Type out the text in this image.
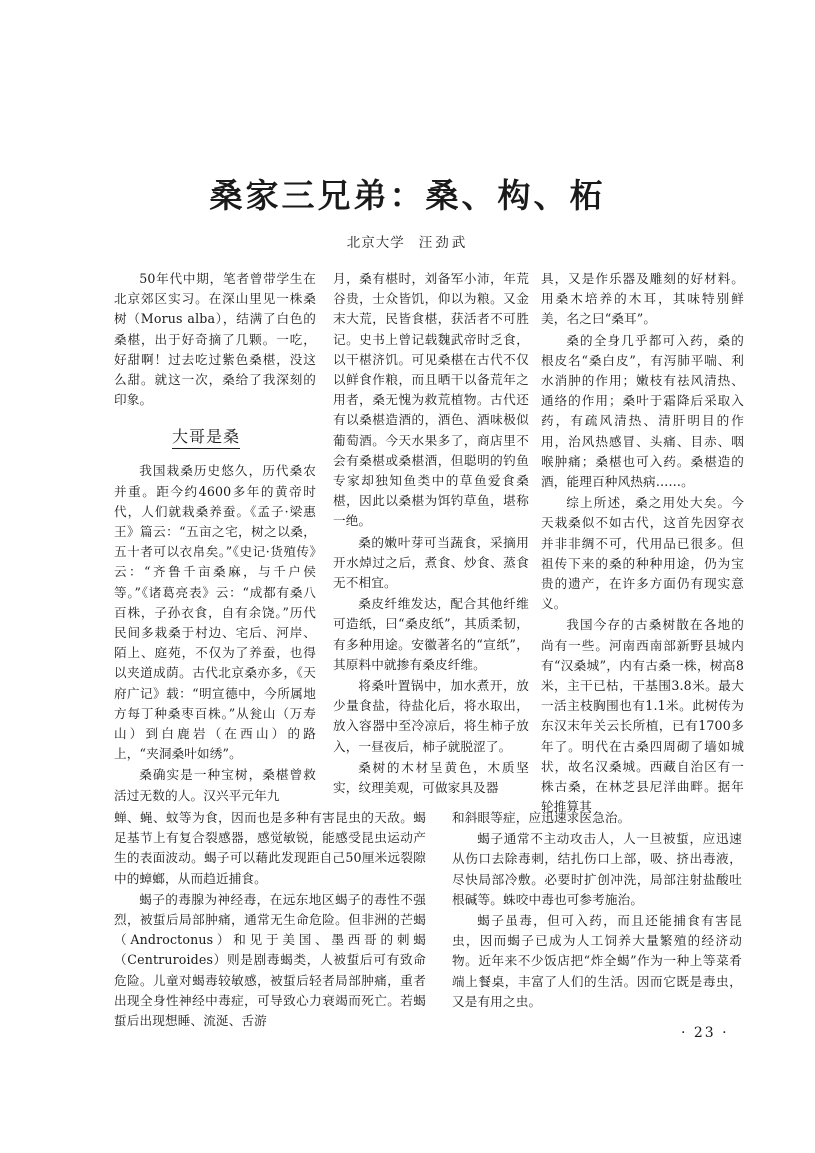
桑家三兄弟：桑、构、柘
北京大学 汪劲武

50年代中期，笔者曾带学生在北京郊区实习。在深山里见一株桑树（Morus alba），结满了白色的桑椹，出于好奇摘了几颗。一吃，好甜啊！过去吃过紫色桑椹，没这么甜。就这一次，桑给了我深刻的印象。

大哥是桑

我国栽桑历史悠久，历代桑农并重。距今约4600多年的黄帝时代，人们就栽桑养蚕。《孟子·梁惠王》篇云：“五亩之宅，树之以桑，五十者可以衣帛矣。”《史记·货殖传》云：“齐鲁千亩桑麻，与千户侯等。”《诸葛亮表》云：“成都有桑八百株，子孙衣食，自有余饶。”历代民间多栽桑于村边、宅后、河岸、陌上、庭苑，不仅为了养蚕，也得以夹道成荫。古代北京桑亦多，《天府广记》载：“明宣德中，今所属地方每丁种桑枣百株。”从瓮山（万寿山）到白鹿岩（在西山）的路上，“夹洞桑叶如绣”。

桑确实是一种宝树，桑椹曾救活过无数的人。汉兴平元年九

月，桑有椹时，刘备军小沛，年荒谷贵，士众皆饥，仰以为粮。又金末大荒，民皆食椹，获活者不可胜记。史书上曾记载魏武帝时乏食，以干椹济饥。可见桑椹在古代不仅以鲜食作粮，而且晒干以备荒年之用者，桑无愧为救荒植物。古代还有以桑椹造酒的，酒色、酒味极似葡萄酒。今天水果多了，商店里不会有桑椹或桑椹酒，但聪明的钓鱼专家却独知鱼类中的草鱼爱食桑椹，因此以桑椹为饵钓草鱼，堪称一绝。

桑的嫩叶芽可当蔬食，采摘用开水焯过之后，煮食、炒食、蒸食无不相宜。

桑皮纤维发达，配合其他纤维可造纸，曰“桑皮纸”，其质柔韧，有多种用途。安徽著名的“宣纸”，其原料中就掺有桑皮纤维。

将桑叶置锅中，加水煮开，放少量食盐，待盐化后，将水取出，放入容器中至冷凉后，将生柿子放入，一昼夜后，柿子就脱涩了。

桑树的木材呈黄色，木质坚实，纹理美观，可做家具及器

具，又是作乐器及雕刻的好材料。用桑木培养的木耳，其味特别鲜美，名之曰“桑耳”。

桑的全身几乎都可入药，桑的根皮名“桑白皮”，有泻肺平喘、利水消肿的作用；嫩枝有祛风清热、通络的作用；桑叶于霜降后采取入药，有疏风清热、清肝明目的作用，治风热感冒、头痛、目赤、咽喉肿痛；桑椹也可入药。桑椹造的酒，能理百种风热病……。

综上所述，桑之用处大矣。今天栽桑似不如古代，这首先因穿衣并非非绸不可，代用品已很多。但祖传下来的桑的种种用途，仍为宝贵的遗产，在许多方面仍有现实意义。

我国今存的古桑树散在各地的尚有一些。河南西南部新野县城内有“汉桑城”，内有古桑一株，树高8米，主干已枯，干基围3.8米。最大一活主枝胸围也有1.1米。此树传为东汉末年关云长所植，已有1700多年了。明代在古桑四周砌了墙如城状，故名汉桑城。西藏自治区有一株古桑，在林芝县尼洋曲畔。据年轮推算其

蝉、蝇、蚊等为食，因而也是多种有害昆虫的天敌。蝎足基节上有复合裂感器，感觉敏锐，能感受昆虫运动产生的表面波动。蝎子可以藉此发现距自己50厘米远裂隙中的蟑螂，从而趋近捕食。

蝎子的毒腺为神经毒，在远东地区蝎子的毒性不强烈，被蜇后局部肿痛，通常无生命危险。但非洲的芒蝎（Androctonus）和见于美国、墨西哥的刺蝎（Centruroides）则是剧毒蝎类，人被蜇后可有致命危险。儿童对蝎毒较敏感，被蜇后轻者局部肿痛，重者出现全身性神经中毒症，可导致心力衰竭而死亡。若蝎蜇后出现想睡、流涎、舌游

和斜眼等症，应迅速求医急治。

蝎子通常不主动攻击人，人一旦被蜇，应迅速从伤口去除毒刺，结扎伤口上部，吸、挤出毒液，尽快局部冷敷。必要时扩创冲洗，局部注射盐酸吐根碱等。蛛咬中毒也可参考施治。

蝎子虽毒，但可入药，而且还能捕食有害昆虫，因而蝎子已成为人工饲养大量繁殖的经济动物。近年来不少饭店把“炸全蝎”作为一种上等菜肴端上餐桌，丰富了人们的生活。因而它既是毒虫，又是有用之虫。

· 23 ·
